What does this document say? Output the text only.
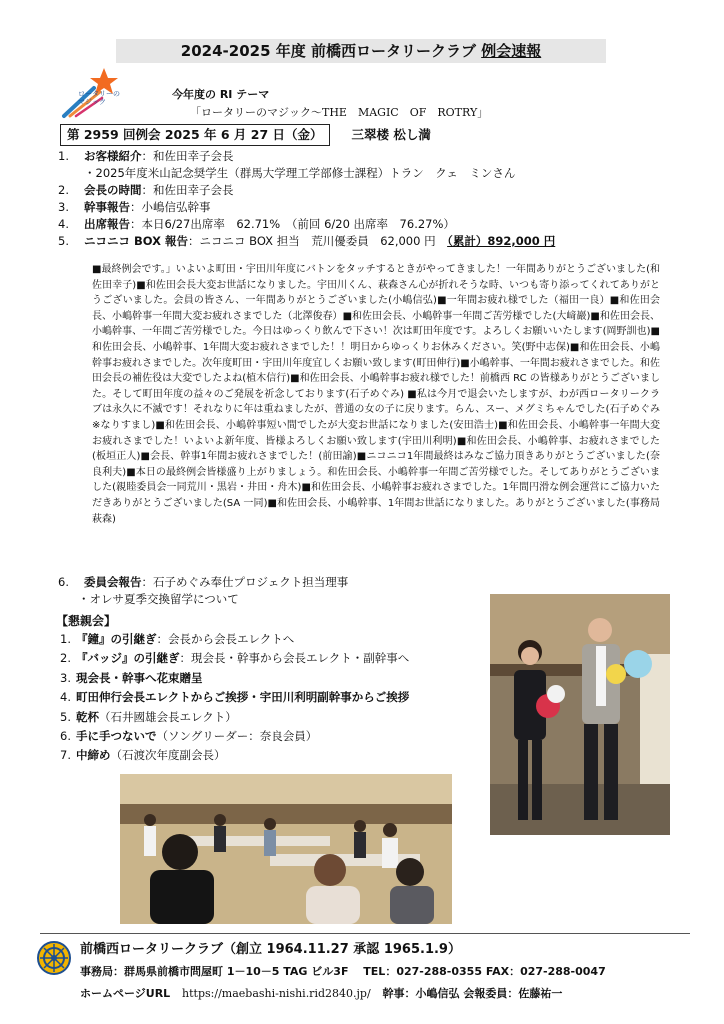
2024-2025 年度 前橋西ロータリークラブ 例会速報
ロータリーの
マジック
今年度の RI テーマ
「ロータリーのマジック～THE　MAGIC　OF　ROTRY」
第 2959 回例会 2025 年 6 月 27 日（金） 三翠楼 松し満
1. お客様紹介：和佐田幸子会長
・2025年度米山記念奨学生（群馬大学理工学部修士課程）トラン　クェ　ミンさん
2. 会長の時間：和佐田幸子会長
3. 幹事報告：小嶋信弘幹事
4. 出席報告：本日6/27出席率　62.71%　（前回 6/20 出席率　76.27%）
5. ニコニコ BOX 報告：ニコニコ BOX 担当　荒川優委員　62,000 円　（累計）892,000 円
■最終例会です。」いよいよ町田・宇田川年度にバトンをタッチするときがやってきました！一年間ありがとうございました(和佐田幸子)■和佐田会長大変お世話になりました。宇田川くん、萩森さん心が折れそうな時、いつも寄り添ってくれてありがとうございました。会員の皆さん、一年間ありがとうございました(小嶋信弘)■一年間お疲れ様でした（福田一良）■和佐田会長、小嶋幹事一年間大変お疲れさまでした（北澤俊春）■和佐田会長、小嶋幹事一年間ご苦労様でした(大﨑巖)■和佐田会長、小嶋幹事、一年間ご苦労様でした。今日はゆっくり飲んで下さい！次は町田年度です。よろしくお願いいたします(岡野訓也)■和佐田会長、小嶋幹事、1年間大変お疲れさまでした！！明日からゆっくりお休みください。笑(野中志保)■和佐田会長、小嶋幹事お疲れさまでした。次年度町田・宇田川年度宜しくお願い致します(町田伸行)■小嶋幹事、一年間お疲れさまでした。和佐田会長の補佐役は大変でしたよね(植木信行)■和佐田会長、小嶋幹事お疲れ様でした！前橋西 RC の皆様ありがとうございました。そして町田年度の益々のご発展を祈念しております(石子めぐみ) ■私は今月で退会いたしますが、わが西ロータリークラブは永久に不滅です！それなりに年は重ねましたが、普通の女の子に戻ります。らん、スー、メグミちゃんでした(石子めぐみ※なりすまし)■和佐田会長、小嶋幹事短い間でしたが大変お世話になりました(安田浩士)■和佐田会長、小嶋幹事一年間大変お疲れさまでした！いよいよ新年度、皆様よろしくお願い致します(宇田川利明)■和佐田会長、小嶋幹事、お疲れさまでした(板垣正人)■会長、幹事1年間お疲れさまでした！(前田諭)■ニコニコ1年間最終はみなご協力頂きありがとうございました(奈良利夫)■本日の最終例会皆様盛り上がりましょう。和佐田会長、小嶋幹事一年間ご苦労様でした。そしてありがとうございました(親睦委員会一同荒川・黒岩・井田・舟木)■和佐田会長、小嶋幹事お疲れさまでした。1年間円滑な例会運営にご協力いただきありがとうございました(SA 一同)■和佐田会長、小嶋幹事、1年間お世話になりました。ありがとうございました(事務局萩森)
6. 委員会報告：石子めぐみ奉仕プロジェクト担当理事
・オレサ夏季交換留学について
【懇親会】
1. 『鐘』の引継ぎ：会長から会長エレクトへ
2. 『バッジ』の引継ぎ：現会長・幹事から会長エレクト・副幹事へ
3. 現会長・幹事へ花束贈呈
4. 町田伸行会長エレクトからご挨拶・宇田川利明副幹事からご挨拶
5. 乾杯（石井國雄会長エレクト）
6. 手に手つないで（ソングリーダー：奈良会員）
7. 中締め（石渡次年度副会長）
前橋西ロータリークラブ（創立 1964.11.27 承認 1965.1.9）
事務局：群馬県前橋市問屋町 1－10－5 TAG ビル3F　 TEL：027-288-0355 FAX：027-288-0047
ホームページURL https://maebashi-nishi.rid2840.jp/ 幹事：小嶋信弘 会報委員：佐藤祐一
